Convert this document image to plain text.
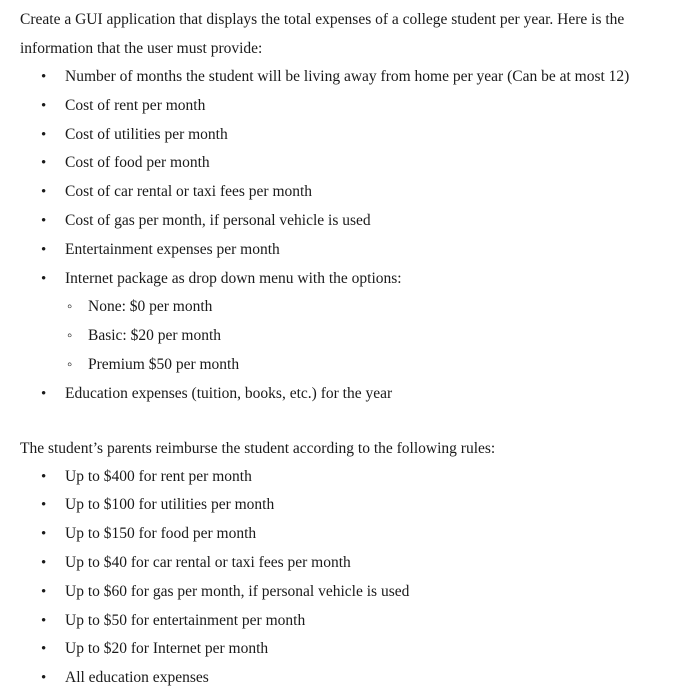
Create a GUI application that displays the total expenses of a college student per year. Here is the
information that the user must provide:

• Number of months the student will be living away from home per year (Can be at most 12)
• Cost of rent per month
• Cost of utilities per month
• Cost of food per month
• Cost of car rental or taxi fees per month
• Cost of gas per month, if personal vehicle is used
• Entertainment expenses per month
• Internet package as drop down menu with the options:
◦ None: $0 per month
◦ Basic: $20 per month
◦ Premium $50 per month
• Education expenses (tuition, books, etc.) for the year

The student’s parents reimburse the student according to the following rules:

• Up to $400 for rent per month
• Up to $100 for utilities per month
• Up to $150 for food per month
• Up to $40 for car rental or taxi fees per month
• Up to $60 for gas per month, if personal vehicle is used
• Up to $50 for entertainment per month
• Up to $20 for Internet per month
• All education expenses
